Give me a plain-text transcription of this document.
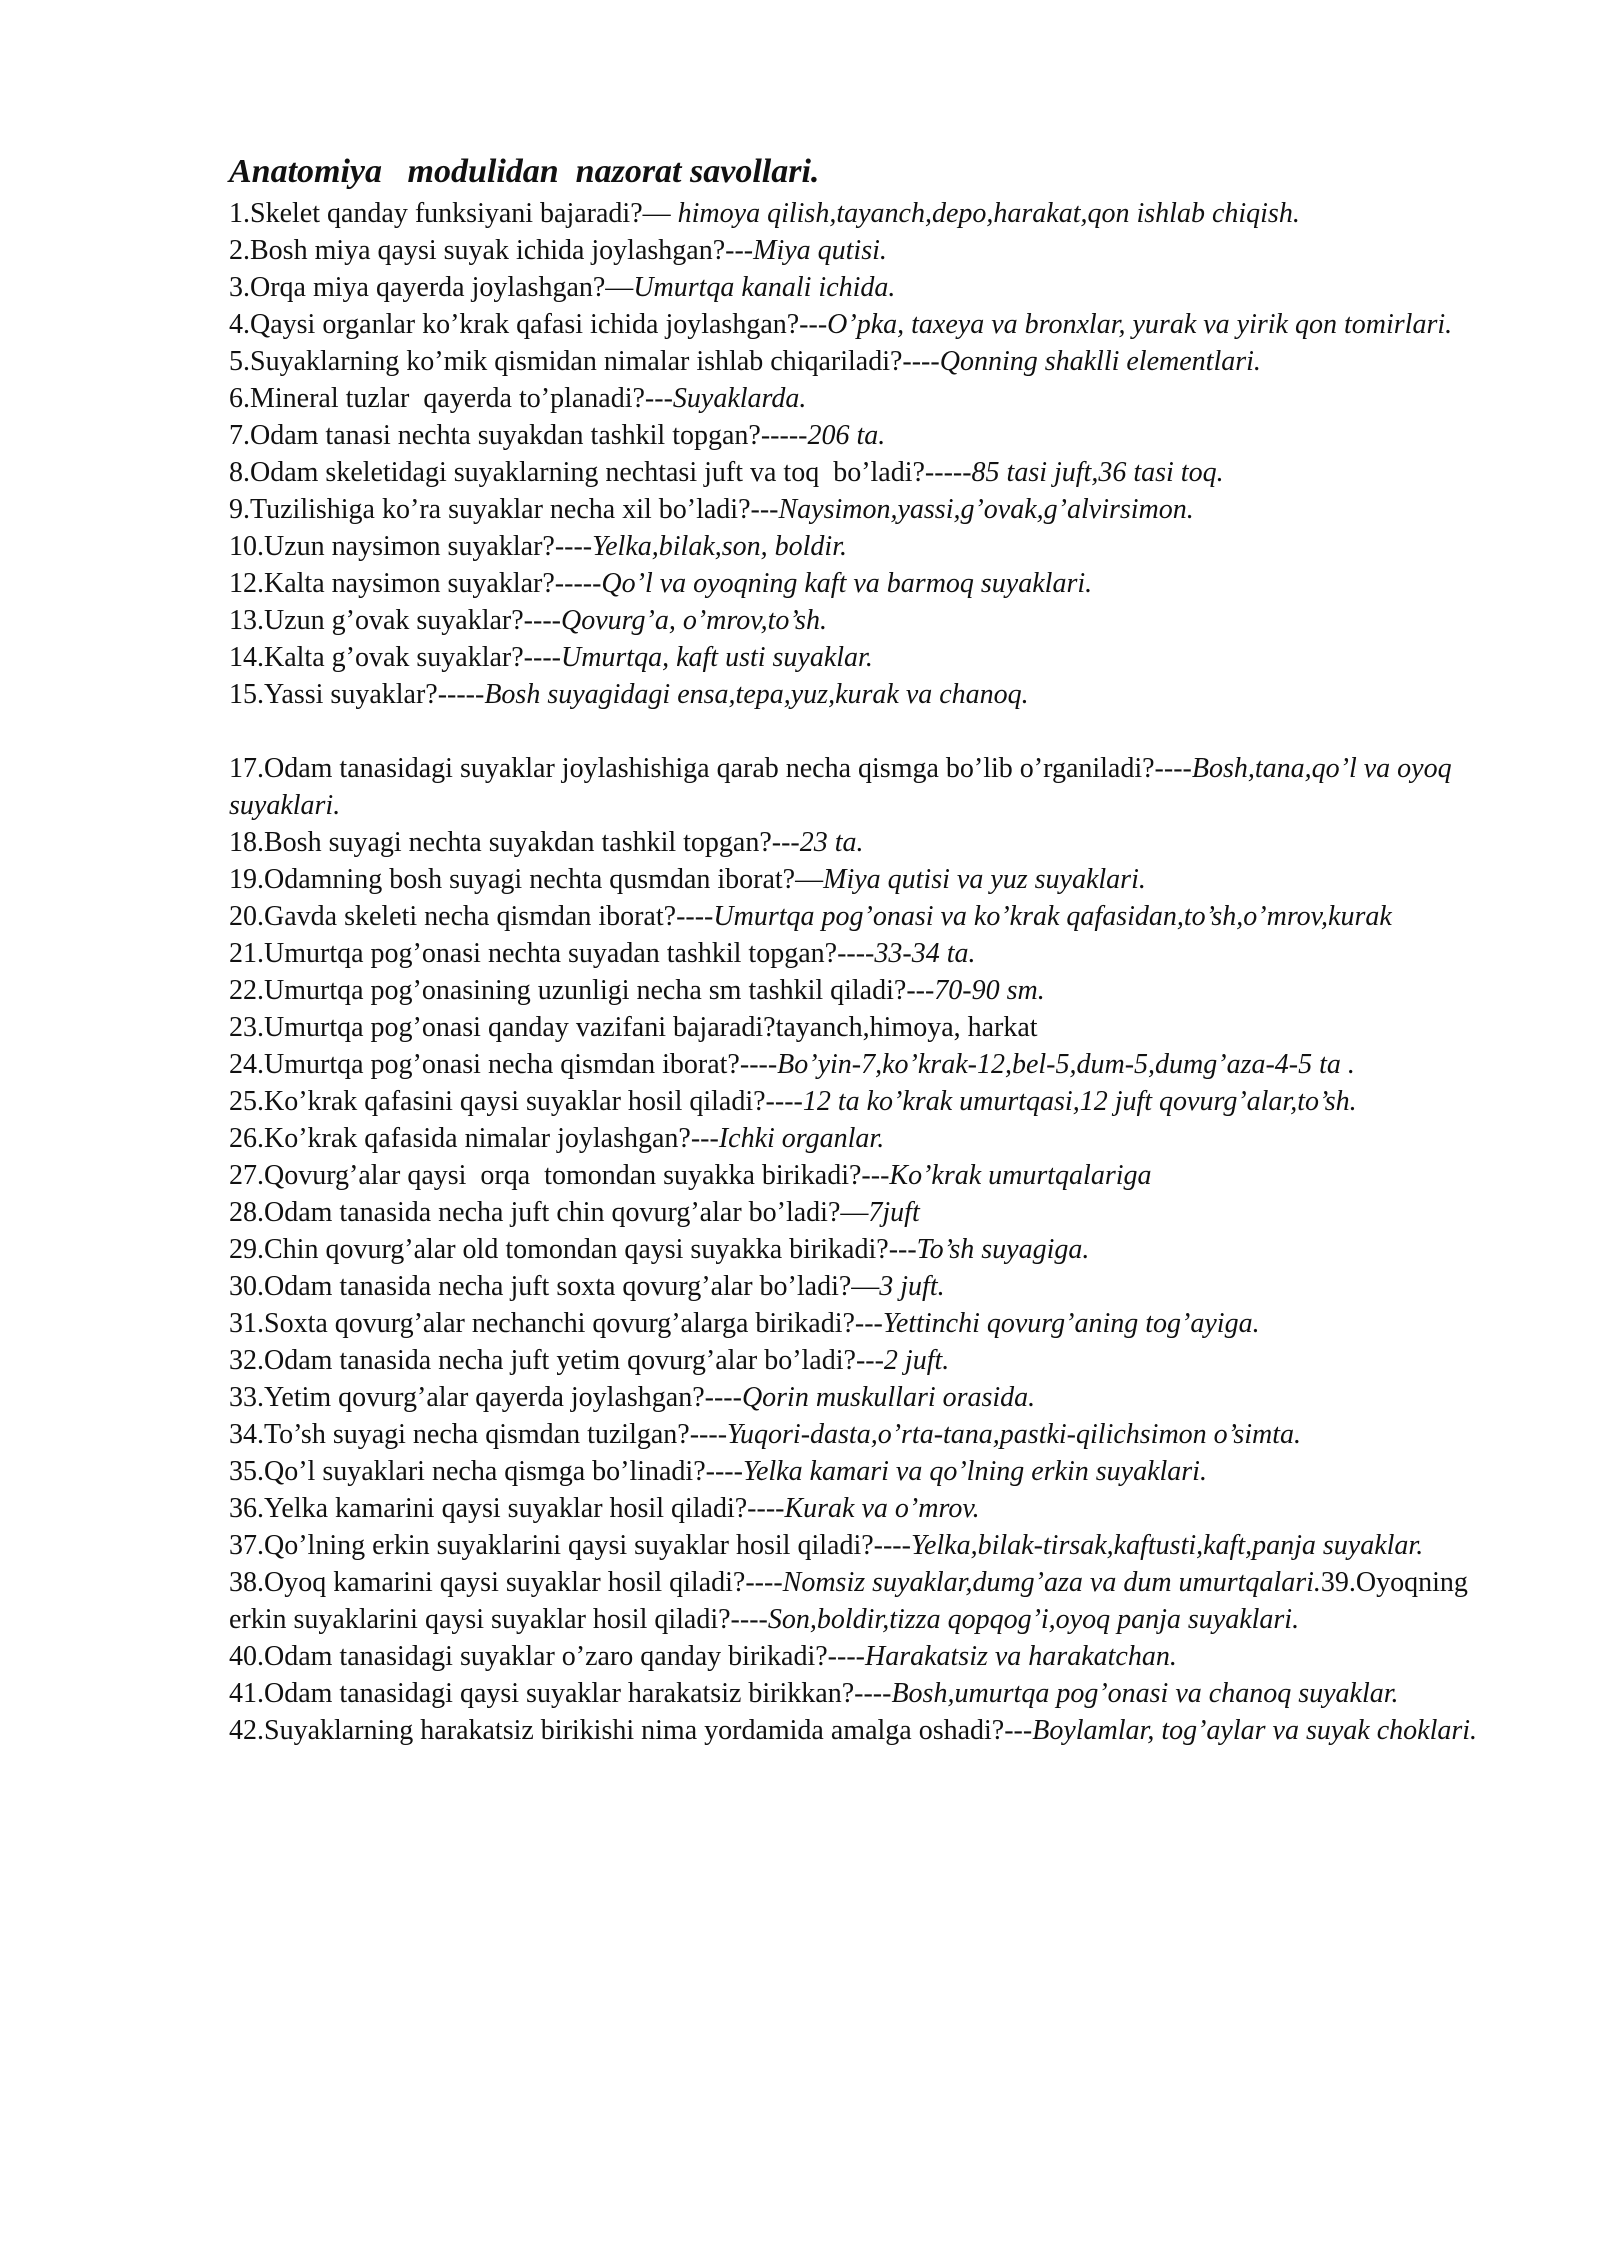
Anatomiya   modulidan  nazorat savollari.
1.Skelet qanday funksiyani bajaradi?— himoya qilish,tayanch,depo,harakat,qon ishlab chiqish.
2.Bosh miya qaysi suyak ichida joylashgan?---Miya qutisi.
3.Orqa miya qayerda joylashgan?—Umurtqa kanali ichida.
4.Qaysi organlar ko’krak qafasi ichida joylashgan?---O’pka, taxeya va bronxlar, yurak va yirik qon tomirlari.
5.Suyaklarning ko’mik qismidan nimalar ishlab chiqariladi?----Qonning shaklli elementlari.
6.Mineral tuzlar  qayerda to’planadi?---Suyaklarda.
7.Odam tanasi nechta suyakdan tashkil topgan?-----206 ta.
8.Odam skeletidagi suyaklarning nechtasi juft va toq  bo’ladi?-----85 tasi juft,36 tasi toq.
9.Tuzilishiga ko’ra suyaklar necha xil bo’ladi?---Naysimon,yassi,g’ovak,g’alvirsimon.
10.Uzun naysimon suyaklar?----Yelka,bilak,son, boldir.
12.Kalta naysimon suyaklar?-----Qo’l va oyoqning kaft va barmoq suyaklari.
13.Uzun g’ovak suyaklar?----Qovurg’a, o’mrov,to’sh.
14.Kalta g’ovak suyaklar?----Umurtqa, kaft usti suyaklar.
15.Yassi suyaklar?-----Bosh suyagidagi ensa,tepa,yuz,kurak va chanoq.
17.Odam tanasidagi suyaklar joylashishiga qarab necha qismga bo’lib o’rganiladi?----Bosh,tana,qo’l va oyoq suyaklari.
18.Bosh suyagi nechta suyakdan tashkil topgan?---23 ta.
19.Odamning bosh suyagi nechta qusmdan iborat?—Miya qutisi va yuz suyaklari.
20.Gavda skeleti necha qismdan iborat?----Umurtqa pog’onasi va ko’krak qafasidan,to’sh,o’mrov,kurak
21.Umurtqa pog’onasi nechta suyadan tashkil topgan?----33-34 ta.
22.Umurtqa pog’onasining uzunligi necha sm tashkil qiladi?---70-90 sm.
23.Umurtqa pog’onasi qanday vazifani bajaradi?tayanch,himoya, harkat
24.Umurtqa pog’onasi necha qismdan iborat?----Bo’yin-7,ko’krak-12,bel-5,dum-5,dumg’aza-4-5 ta .
25.Ko’krak qafasini qaysi suyaklar hosil qiladi?----12 ta ko’krak umurtqasi,12 juft qovurg’alar,to’sh.
26.Ko’krak qafasida nimalar joylashgan?---Ichki organlar.
27.Qovurg’alar qaysi  orqa  tomondan suyakka birikadi?---Ko’krak umurtqalariga
28.Odam tanasida necha juft chin qovurg’alar bo’ladi?—7juft
29.Chin qovurg’alar old tomondan qaysi suyakka birikadi?---To’sh suyagiga.
30.Odam tanasida necha juft soxta qovurg’alar bo’ladi?—3 juft.
31.Soxta qovurg’alar nechanchi qovurg’alarga birikadi?---Yettinchi qovurg’aning tog’ayiga.
32.Odam tanasida necha juft yetim qovurg’alar bo’ladi?---2 juft.
33.Yetim qovurg’alar qayerda joylashgan?----Qorin muskullari orasida.
34.To’sh suyagi necha qismdan tuzilgan?----Yuqori-dasta,o’rta-tana,pastki-qilichsimon o’simta.
35.Qo’l suyaklari necha qismga bo’linadi?----Yelka kamari va qo’lning erkin suyaklari.
36.Yelka kamarini qaysi suyaklar hosil qiladi?----Kurak va o’mrov.
37.Qo’lning erkin suyaklarini qaysi suyaklar hosil qiladi?----Yelka,bilak-tirsak,kaftusti,kaft,panja suyaklar.
38.Oyoq kamarini qaysi suyaklar hosil qiladi?----Nomsiz suyaklar,dumg’aza va dum umurtqalari.39.Oyoqning erkin suyaklarini qaysi suyaklar hosil qiladi?----Son,boldir,tizza qopqog’i,oyoq panja suyaklari.
40.Odam tanasidagi suyaklar o’zaro qanday birikadi?----Harakatsiz va harakatchan.
41.Odam tanasidagi qaysi suyaklar harakatsiz birikkan?----Bosh,umurtqa pog’onasi va chanoq suyaklar.
42.Suyaklarning harakatsiz birikishi nima yordamida amalga oshadi?---Boylamlar, tog’aylar va suyak choklari.
